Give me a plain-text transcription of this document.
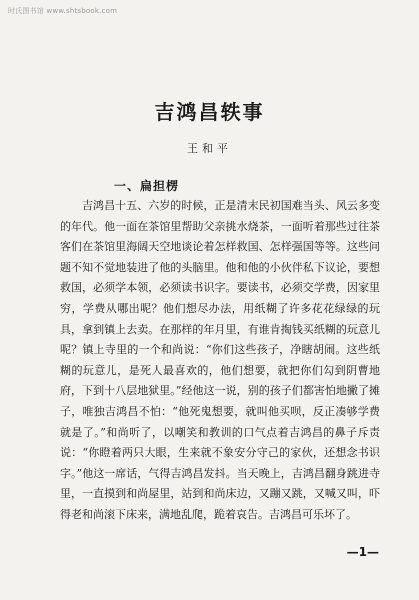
时氏图书馆 www.shtsbook.com
吉鸿昌轶事
王和平
一、扁担楞

吉鸿昌十五、六岁的时候，正是清末民初国难当头、风云多变的年代。他一面在茶馆里帮助父亲挑水烧茶，一面听着那些过往茶客们在茶馆里海阔天空地谈论着怎样救国、怎样强国等等。这些问题不知不觉地装进了他的头脑里。他和他的小伙伴私下议论，要想救国，必须学本领，必须读书识字。要读书，必须交学费，因家里穷，学费从哪出呢？他们想尽办法，用纸糊了许多花花绿绿的玩具，拿到镇上去卖。在那样的年月里，有谁肯掏钱买纸糊的玩意儿呢？镇上寺里的一个和尚说：“你们这些孩子，净瞎胡闹。这些纸糊的玩意儿，是死人最喜欢的，他们想要，就把你们勾到阴曹地府，下到十八层地狱里。”经他这一说，别的孩子们都害怕地撇了摊子，唯独吉鸿昌不怕：“他死鬼想要，就叫他买呗，反正凑够学费就是了。”和尚听了，以嘲笑和教训的口气点着吉鸿昌的鼻子斥责说：“你瞪着两只大眼，生来就不象安分守己的家伙，还想念书识字。”他这一席话，气得吉鸿昌发抖。当天晚上，吉鸿昌翻身跳进寺里，一直摸到和尚屋里，站到和尚床边，又蹦又跳，又喊又叫，吓得老和尚滚下床来，满地乱爬，跪着哀告。吉鸿昌可乐坏了。

—1—
